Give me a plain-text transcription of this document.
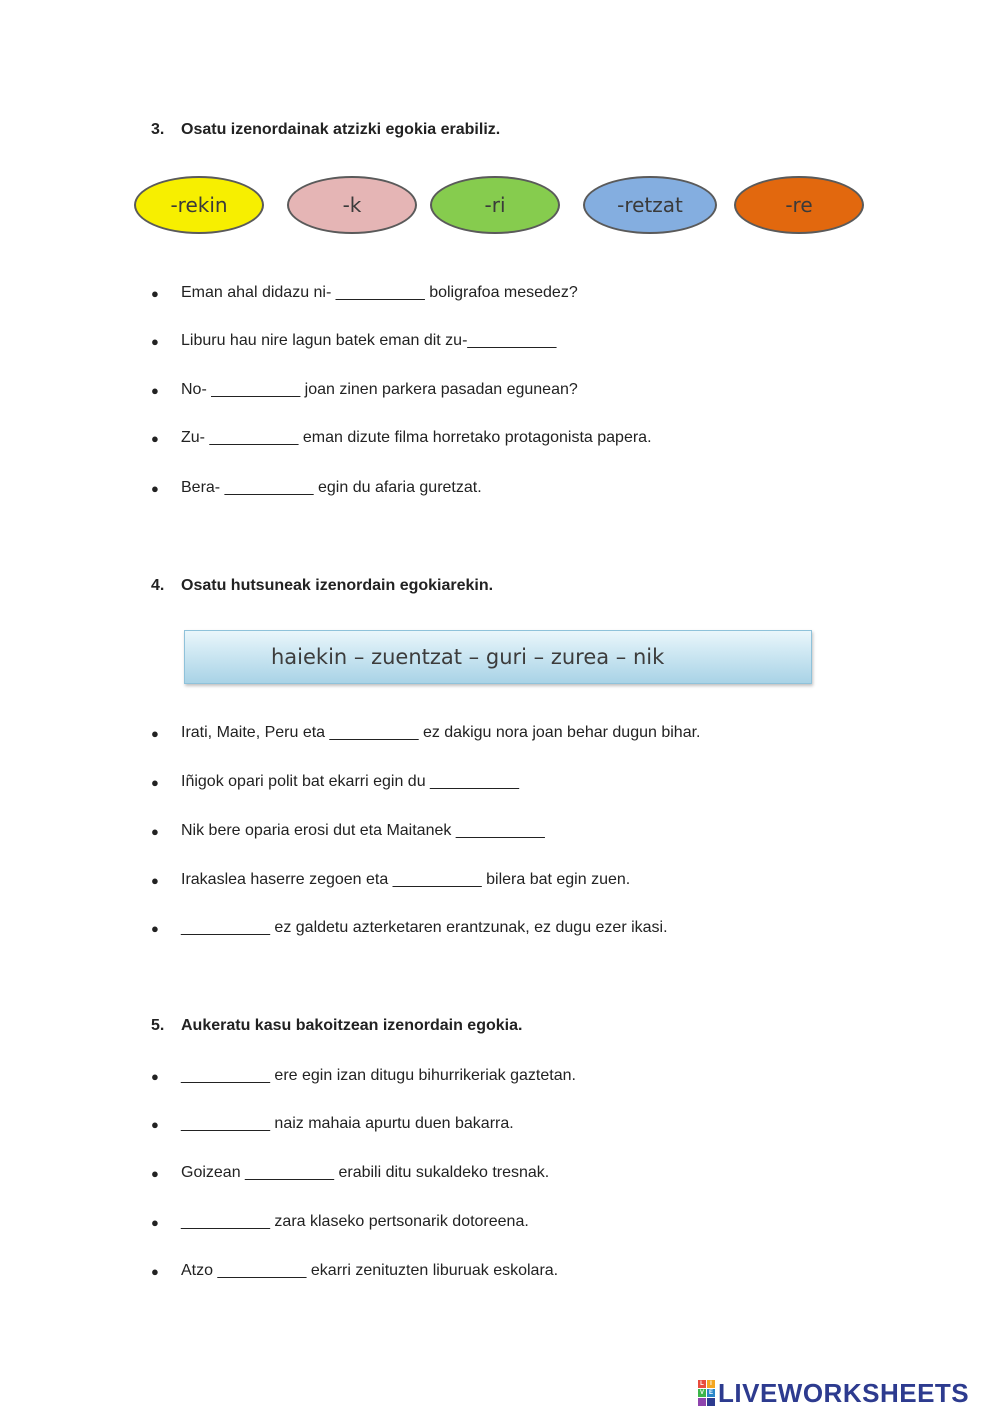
3. Osatu izenordainak atzizki egokia erabiliz.
-rekin	-k	-ri	-retzat	-re
●	Eman ahal didazu ni- __________ boligrafoa mesedez?
●	Liburu hau nire lagun batek eman dit zu-__________
●	No- __________ joan zinen parkera pasadan egunean?
●	Zu- __________ eman dizute filma horretako protagonista papera.
●	Bera- __________ egin du afaria guretzat.
4. Osatu hutsuneak izenordain egokiarekin.
haiekin – zuentzat – guri – zurea – nik
●	Irati, Maite, Peru eta __________ ez dakigu nora joan behar dugun bihar.
●	Iñigok opari polit bat ekarri egin du __________
●	Nik bere oparia erosi dut eta Maitanek __________
●	Irakaslea haserre zegoen eta __________ bilera bat egin zuen.
●	__________ ez galdetu azterketaren erantzunak, ez dugu ezer ikasi.
5. Aukeratu kasu bakoitzean izenordain egokia.
●	__________ ere egin izan ditugu bihurrikeriak gaztetan.
●	__________ naiz mahaia apurtu duen bakarra.
●	Goizean __________ erabili ditu sukaldeko tresnak.
●	__________ zara klaseko pertsonarik dotoreena.
●	Atzo __________ ekarri zenituzten liburuak eskolara.
L	I
V E LIVEWORKSHEETS
